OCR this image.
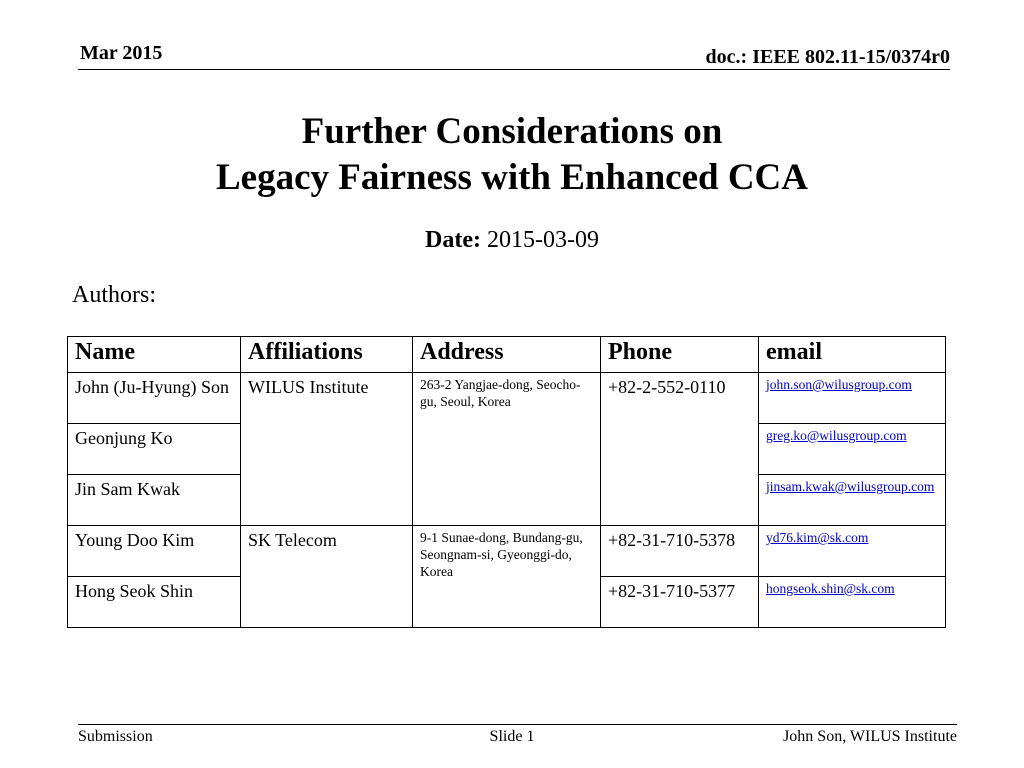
Mar 2015	doc.: IEEE 802.11-15/0374r0
Further Considerations on
Legacy Fairness with Enhanced CCA
Date: 2015-03-09
Authors:
Name	Affiliations	Address	Phone	email
John (Ju-Hyung) Son	WILUS Institute	263-2 Yangjae-dong, Seocho-gu, Seoul, Korea	+82-2-552-0110	john.son@wilusgroup.com
Geonjung Ko				greg.ko@wilusgroup.com
Jin Sam Kwak				jinsam.kwak@wilusgroup.com
Young Doo Kim	SK Telecom	9-1 Sunae-dong, Bundang-gu, Seongnam-si, Gyeonggi-do, Korea	+82-31-710-5378	yd76.kim@sk.com
Hong Seok Shin			+82-31-710-5377	hongseok.shin@sk.com
Submission	Slide 1	John Son, WILUS Institute
